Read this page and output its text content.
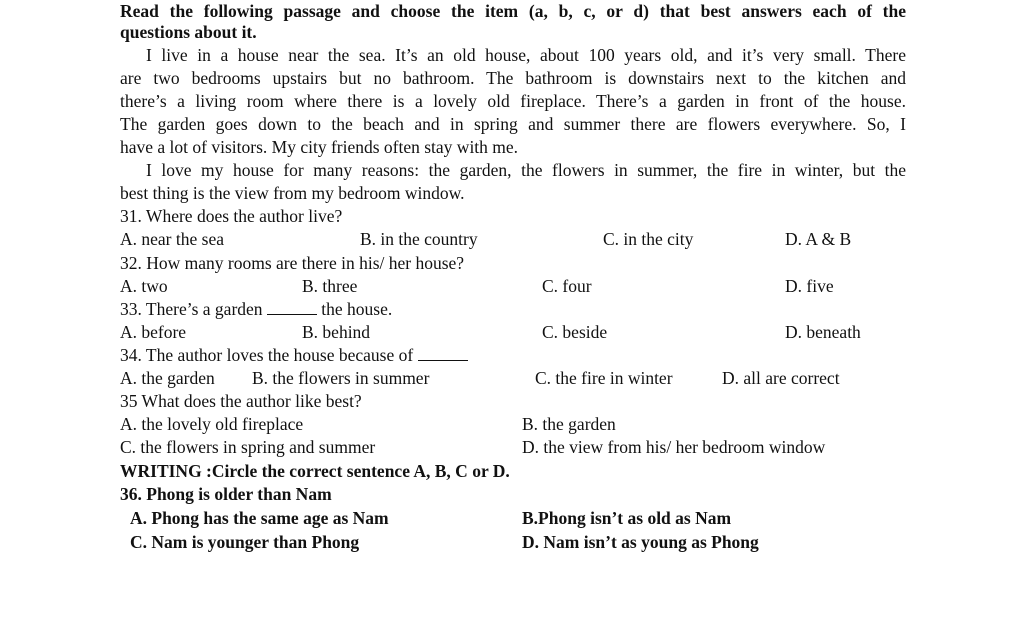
Read the following passage and choose the item (a, b, c, or d) that best answers each of the
questions about it.
I live in a house near the sea. It’s an old house, about 100 years old, and it’s very small. There
are two bedrooms upstairs but no bathroom. The bathroom is downstairs next to the kitchen and
there’s a living room where there is a lovely old fireplace. There’s a garden in front of the house.
The garden goes down to the beach and in spring and summer there are flowers everywhere. So, I
have a lot of visitors. My city friends often stay with me.
I love my house for many reasons: the garden, the flowers in summer, the fire in winter, but the
best thing is the view from my bedroom window.
31. Where does the author live?
A. near the sea	B. in the country	C. in the city	D. A & B
32. How many rooms are there in his/ her house?
A. two	B. three	C. four	D. five
33. There’s a garden	the house.
A. before	B. behind	C. beside	D. beneath
34. The author loves the house because of
A. the garden B. the flowers in summer	C. the fire in winter	D. all are correct
35 What does the author like best?
A. the lovely old fireplace	B. the garden
C. the flowers in spring and summer	D. the view from his/ her bedroom window
WRITING :Circle the correct sentence A, B, C or D.
36. Phong is older than Nam
A. Phong has the same age as Nam	B.Phong isn’t as old as Nam
C. Nam is younger than Phong	D. Nam isn’t as young as Phong
